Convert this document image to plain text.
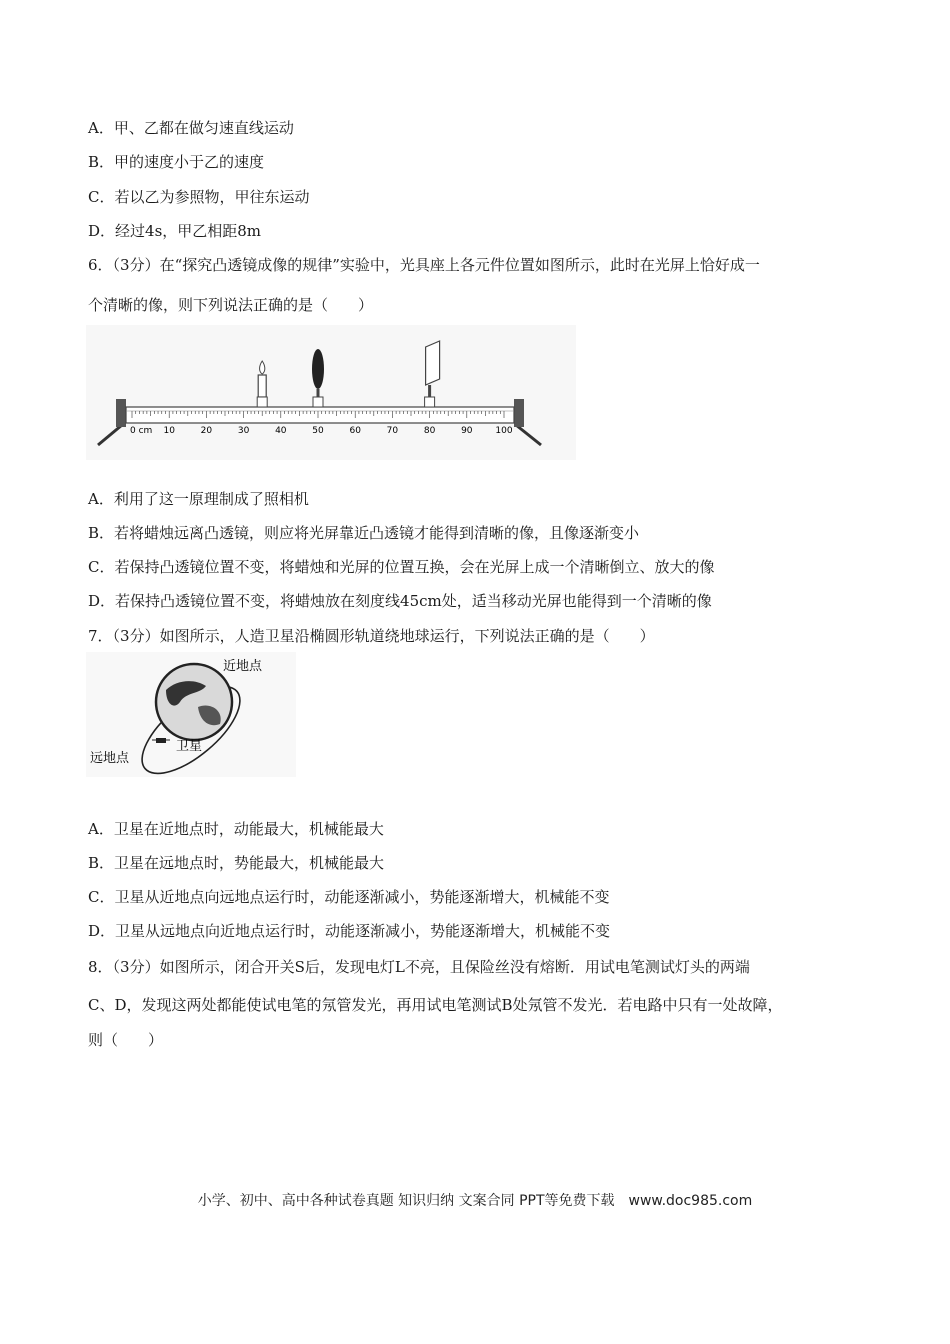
A．甲、乙都在做匀速直线运动
B．甲的速度小于乙的速度
C．若以乙为参照物，甲往东运动
D．经过4s，甲乙相距8m
6．（3分）在“探究凸透镜成像的规律”实验中，光具座上各元件位置如图所示，此时在光屏上恰好成一
个清晰的像，则下列说法正确的是（　　）
10	20	30	40	50	60	70	80	90	100
0 cm
A．利用了这一原理制成了照相机
B．若将蜡烛远离凸透镜，则应将光屏靠近凸透镜才能得到清晰的像，且像逐渐变小
C．若保持凸透镜位置不变，将蜡烛和光屏的位置互换，会在光屏上成一个清晰倒立、放大的像
D．若保持凸透镜位置不变，将蜡烛放在刻度线45cm处，适当移动光屏也能得到一个清晰的像
7．（3分）如图所示，人造卫星沿椭圆形轨道绕地球运行，下列说法正确的是（　　）
近地点
卫星
远地点
A．卫星在近地点时，动能最大，机械能最大
B．卫星在远地点时，势能最大，机械能最大
C．卫星从近地点向远地点运行时，动能逐渐减小，势能逐渐增大，机械能不变
D．卫星从远地点向近地点运行时，动能逐渐减小，势能逐渐增大，机械能不变
8．（3分）如图所示，闭合开关S后，发现电灯L不亮，且保险丝没有熔断．用试电笔测试灯头的两端
C、D，发现这两处都能使试电笔的氖管发光，再用试电笔测试B处氖管不发光．若电路中只有一处故障，
则（　　）
小学、初中、高中各种试卷真题 知识归纳 文案合同 PPT等免费下载　www.doc985.com
